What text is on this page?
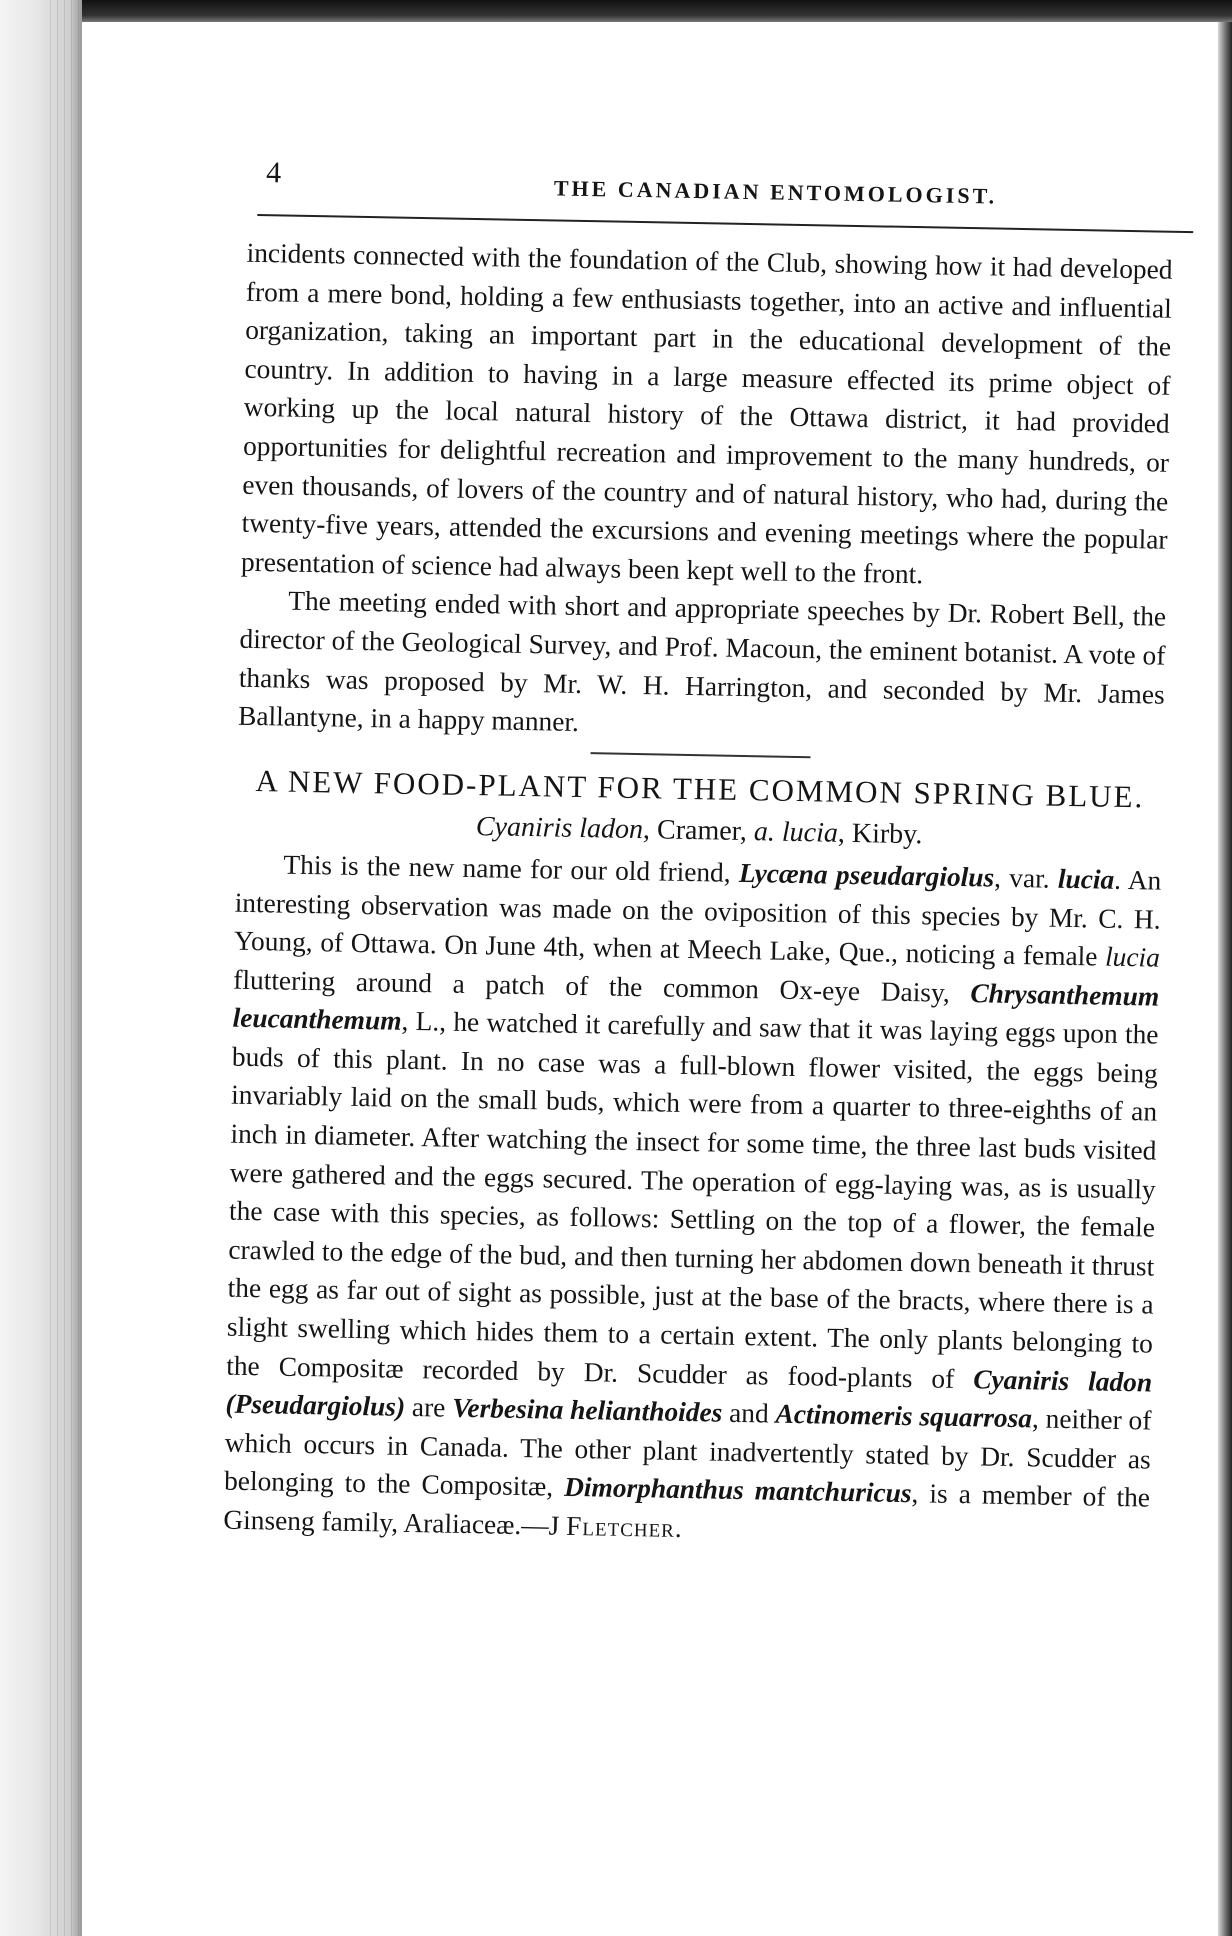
4
THE CANADIAN ENTOMOLOGIST.

incidents connected with the foundation of the Club, showing how it had developed from a mere bond, holding a few enthusiasts together, into an active and influential organization, taking an important part in the educational development of the country. In addition to having in a large measure effected its prime object of working up the local natural history of the Ottawa district, it had provided opportunities for delightful recreation and improvement to the many hundreds, or even thousands, of lovers of the country and of natural history, who had, during the twenty-five years, attended the excursions and evening meetings where the popular presentation of science had always been kept well to the front.

The meeting ended with short and appropriate speeches by Dr. Robert Bell, the director of the Geological Survey, and Prof. Macoun, the eminent botanist. A vote of thanks was proposed by Mr. W. H. Harrington, and seconded by Mr. James Ballantyne, in a happy manner.

A NEW FOOD-PLANT FOR THE COMMON SPRING BLUE.
Cyaniris ladon, Cramer, a. lucia, Kirby.

This is the new name for our old friend, Lycæna pseudargiolus, var. lucia. An interesting observation was made on the oviposition of this species by Mr. C. H. Young, of Ottawa. On June 4th, when at Meech Lake, Que., noticing a female lucia fluttering around a patch of the common Ox-eye Daisy, Chrysanthemum leucanthemum, L., he watched it carefully and saw that it was laying eggs upon the buds of this plant. In no case was a full-blown flower visited, the eggs being invariably laid on the small buds, which were from a quarter to three-eighths of an inch in diameter. After watching the insect for some time, the three last buds visited were gathered and the eggs secured. The operation of egg-laying was, as is usually the case with this species, as follows: Settling on the top of a flower, the female crawled to the edge of the bud, and then turning her abdomen down beneath it thrust the egg as far out of sight as possible, just at the base of the bracts, where there is a slight swelling which hides them to a certain extent. The only plants belonging to the Compositæ recorded by Dr. Scudder as food-plants of Cyaniris ladon (Pseudargiolus) are Verbesina helianthoides and Actinomeris squarrosa, neither of which occurs in Canada. The other plant inadvertently stated by Dr. Scudder as belonging to the Compositæ, Dimorphanthus mantchuricus, is a member of the Ginseng family, Araliaceæ.—J Fletcher.
